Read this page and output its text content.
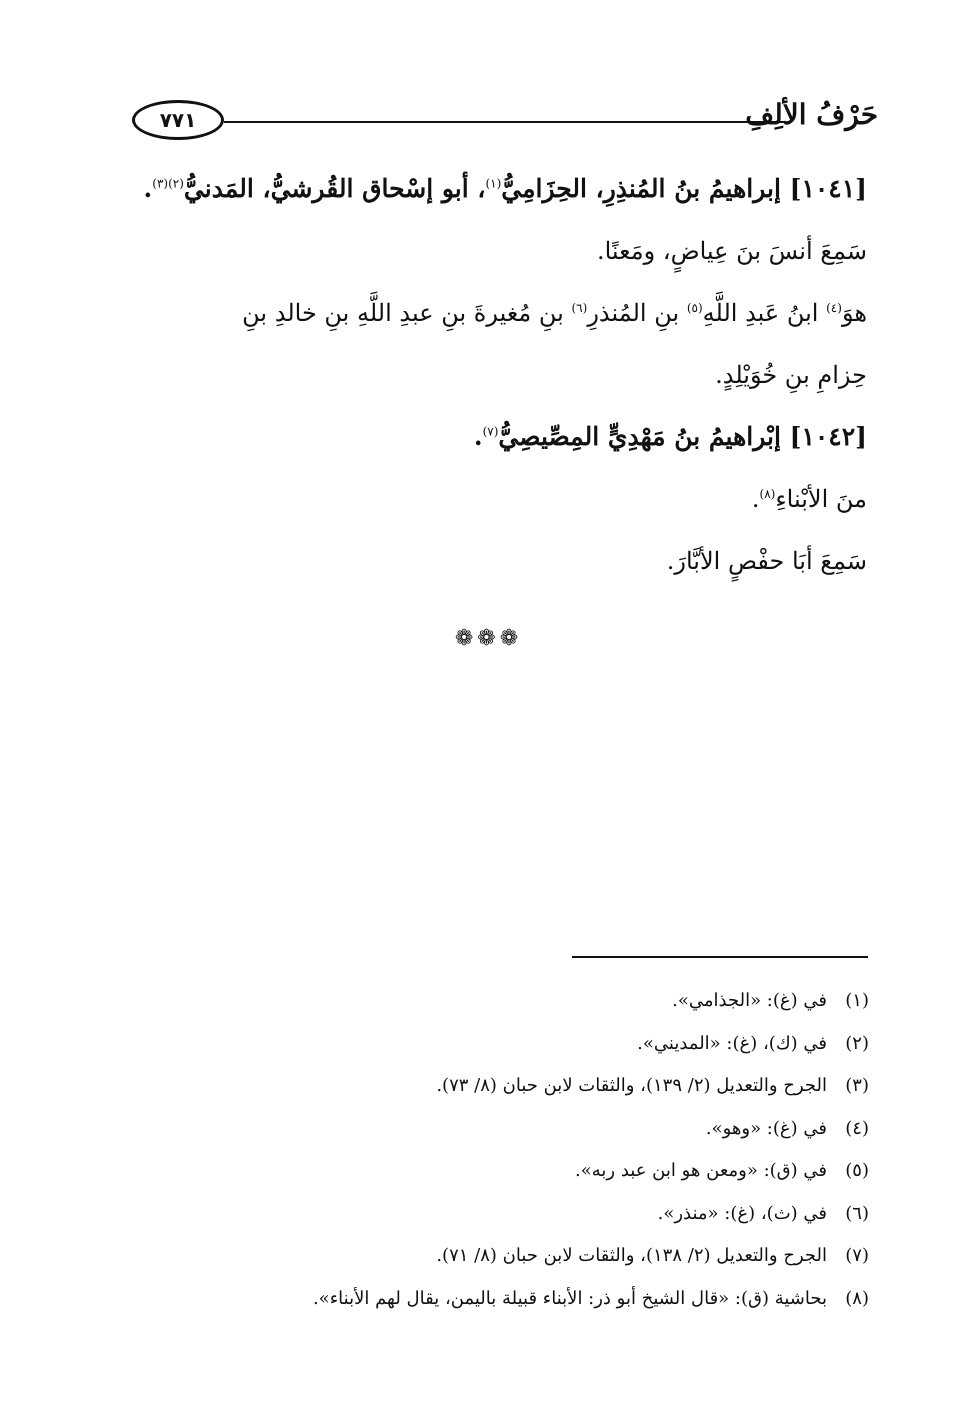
٧٧١	حَرْفُ الألِفِ
[١٠٤١] إبراهيمُ بنُ المُنذِرِ، الحِزَامِيُّ$^{(١)}$، أبو إسْحاق القُرشيُّ، المَدنيُّ$^{(٢)(٣)}$.
سَمِعَ أنسَ بنَ عِياضٍ، ومَعنًا.
هوَ$^{(٤)}$ ابنُ عَبدِ اللَّهِ$^{(٥)}$ بنِ المُنذرِ$^{(٦)}$ بنِ مُغيرةَ بنِ عبدِ اللَّهِ بنِ خالدِ بنِ
حِزامِ بنِ خُوَيْلِدٍ.
[١٠٤٢] إبْراهيمُ بنُ مَهْدِيٍّ المِصِّيصِيُّ$^{(٧)}$.
منَ الأبْناءِ$^{(٨)}$.
سَمِعَ أبَا حفْصٍ الأبَّارَ.
❁❁❁
(١)في (غ): «الجذامي».
(٢)في (ك)، (غ): «المديني».
(٣)الجرح والتعديل (٢/ ١٣٩)، والثقات لابن حبان (٨/ ٧٣).
(٤)في (غ): «وهو».
(٥)في (ق): «ومعن هو ابن عبد ربه».
(٦)في (ث)، (غ): «منذر».
(٧)الجرح والتعديل (٢/ ١٣٨)، والثقات لابن حبان (٨/ ٧١).
(٨)بحاشية (ق): «قال الشيخ أبو ذر: الأبناء قبيلة باليمن، يقال لهم الأبناء».
